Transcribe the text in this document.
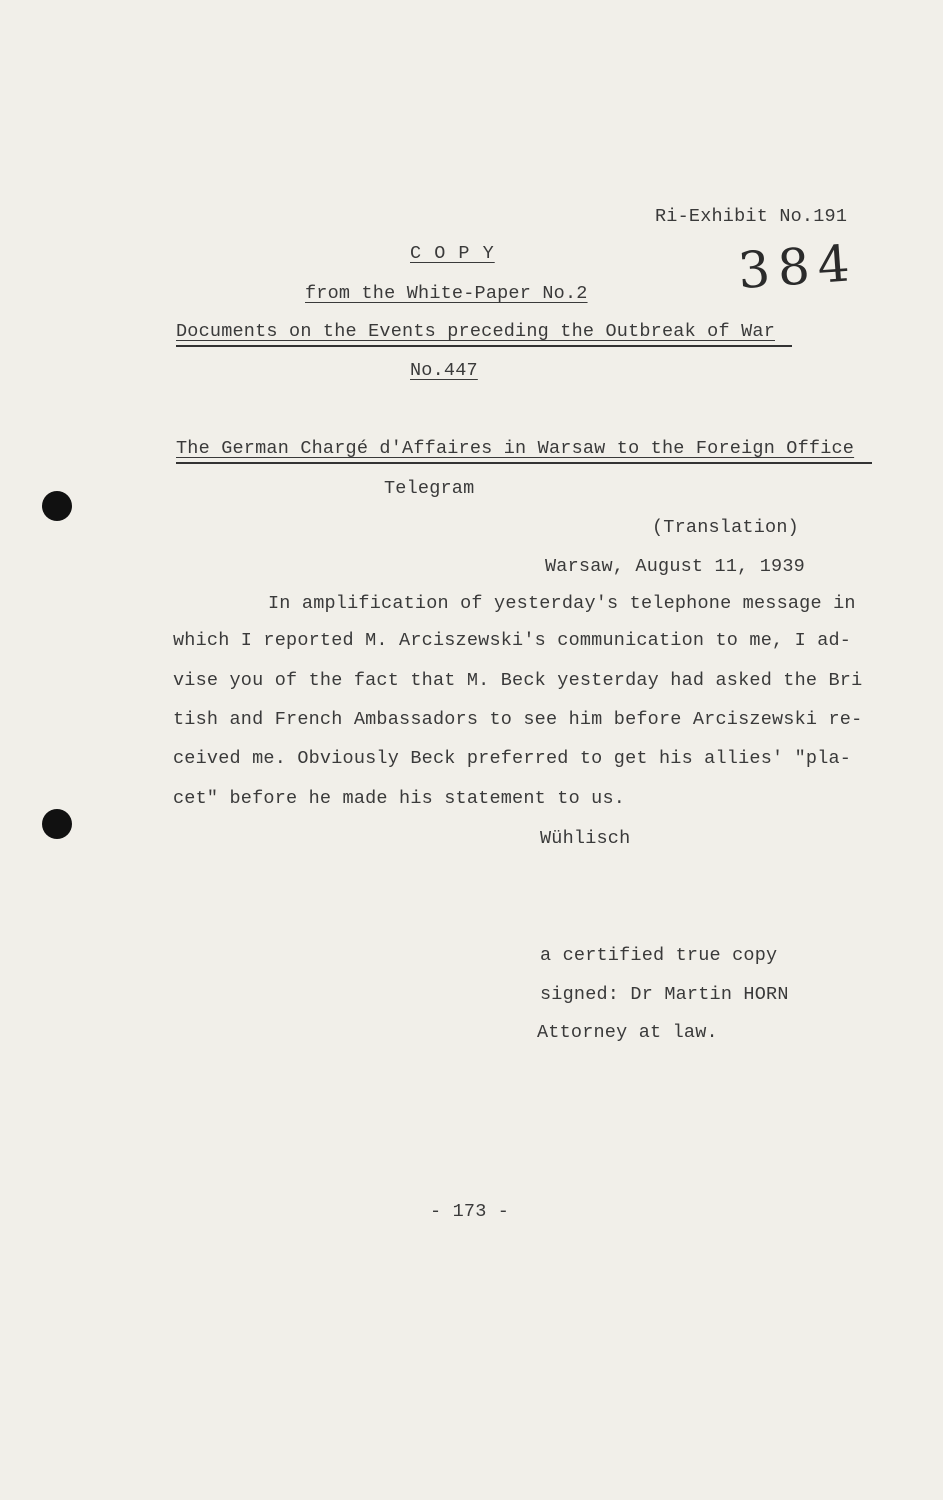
Ri-Exhibit No.191
384
C O P Y
from the White-Paper No.2
Documents on the Events preceding the Outbreak of War
No.447
The German Chargé d'Affaires in Warsaw to the Foreign Office
Telegram
(Translation)
Warsaw, August 11, 1939
In amplification of yesterday's telephone message in
which I reported M. Arciszewski's communication to me, I ad-
vise you of the fact that M. Beck yesterday had asked the Bri
tish and French Ambassadors to see him before Arciszewski re-
ceived me. Obviously Beck preferred to get his allies' "pla-
cet" before he made his statement to us.
Wühlisch
a certified true copy
signed: Dr Martin HORN
Attorney at law.
- 173 -
